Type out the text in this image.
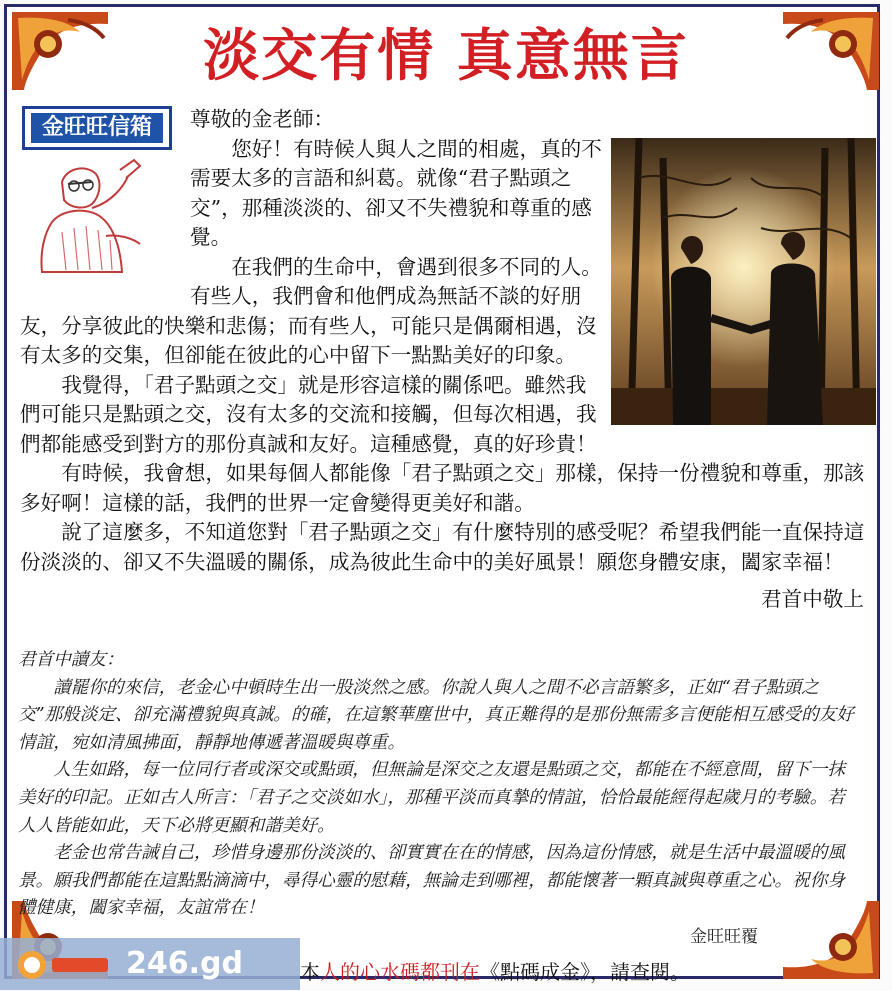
淡交有情 真意無言
金旺旺信箱	尊敬的金老師：

您好！有時候人與人之間的相處，真的不需要太多的言語和糾葛。就像“君子點頭之交”，那種淡淡的、卻又不失禮貌和尊重的感覺。

在我們的生命中，會遇到很多不同的人。有些人，我們會和他們成為無話不談的好朋友，分享彼此的快樂和悲傷；而有些人，可能只是偶爾相遇，沒有太多的交集，但卻能在彼此的心中留下一點點美好的印象。

我覺得，「君子點頭之交」就是形容這樣的關係吧。雖然我們可能只是點頭之交，沒有太多的交流和接觸，但每次相遇，我們都能感受到對方的那份真誠和友好。這種感覺，真的好珍貴！

有時候，我會想，如果每個人都能像「君子點頭之交」那樣，保持一份禮貌和尊重，那該多好啊！這樣的話，我們的世界一定會變得更美好和諧。

說了這麼多，不知道您對「君子點頭之交」有什麼特別的感受呢？希望我們能一直保持這份淡淡的、卻又不失溫暖的關係，成為彼此生命中的美好風景！願您身體安康，闔家幸福！

君首中敬上

君首中讀友：

讀罷你的來信，老金心中頓時生出一股淡然之感。你說人與人之間不必言語繁多，正如“君子點頭之交”那般淡定、卻充滿禮貌與真誠。的確，在這繁華塵世中，真正難得的是那份無需多言便能相互感受的友好情誼，宛如清風拂面，靜靜地傳遞著溫暖與尊重。

人生如路，每一位同行者或深交或點頭，但無論是深交之友還是點頭之交，都能在不經意間，留下一抹美好的印記。正如古人所言：「君子之交淡如水」，那種平淡而真摯的情誼，恰恰最能經得起歲月的考驗。若人人皆能如此，天下必將更顯和諧美好。

老金也常告誡自己，珍惜身邊那份淡淡的、卻實實在在的情感，因為這份情感，就是生活中最溫暖的風景。願我們都能在這點點滴滴中，尋得心靈的慰藉，無論走到哪裡，都能懷著一顆真誠與尊重之心。祝你身體健康，闔家幸福，友誼常在！

金旺旺覆
246.gd	本人的心水碼都刊在《點碼成金》，請查閱。
